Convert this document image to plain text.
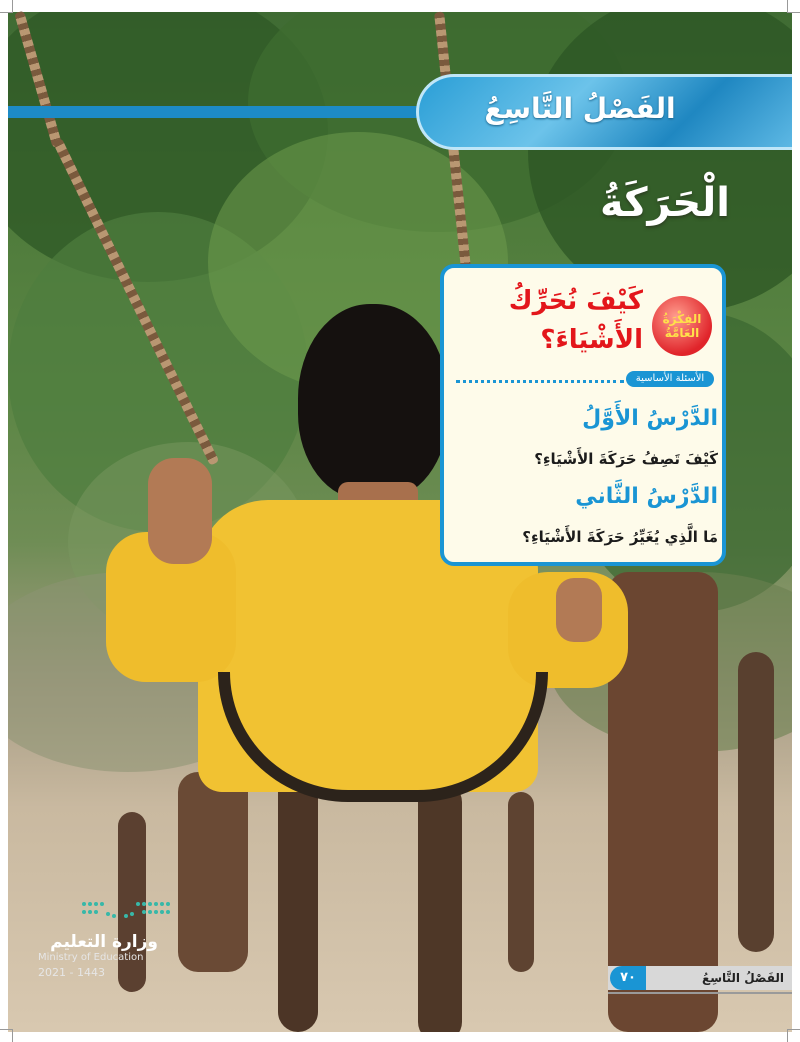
الفَصْلُ التَّاسِعُ
الْحَرَكَةُ
الفِكْرَةُ العَامَّةُ
كَيْفَ نُحَرِّكُ الأَشْيَاءَ؟
الأسئلة الأساسية
الدَّرْسُ الأَوَّلُ
كَيْفَ تَصِفُ حَرَكَةَ الأَشْيَاءِ؟
الدَّرْسُ الثَّاني
مَا الَّذِي يُغَيِّرُ حَرَكَةَ الأَشْيَاءِ؟
الفَصْلُ التَّاسِعُ
٧٠
وزارة التعليم
Ministry of Education
2021 - 1443
